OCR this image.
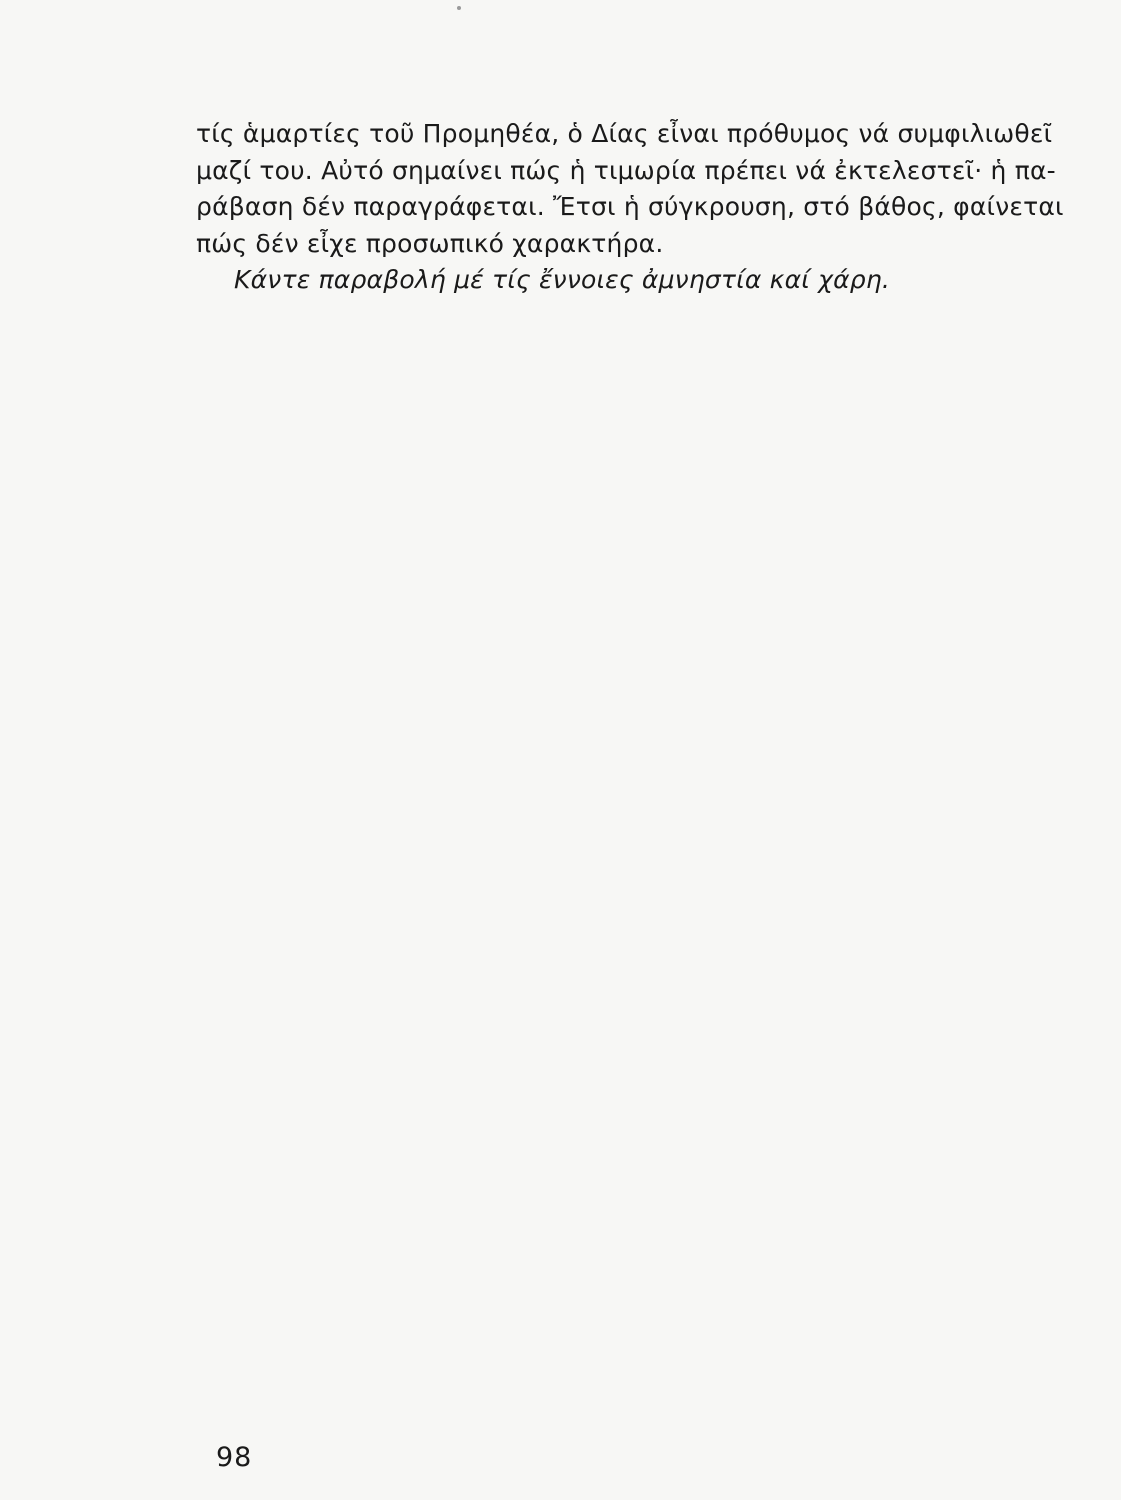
τίς ἁμαρτίες τοῦ Προμηθέα, ὁ Δίας εἶναι πρόθυμος νά συμφιλιωθεῖ
μαζί του. Αὐτό σημαίνει πώς ἡ τιμωρία πρέπει νά ἐκτελεστεῖ· ἡ πα-
ράβαση δέν παραγράφεται. Ἔτσι ἡ σύγκρουση, στό βάθος, φαίνεται
πώς δέν εἶχε προσωπικό χαρακτήρα.
Κάντε παραβολή μέ τίς ἔννοιες ἀμνηστία καί χάρη.
98
